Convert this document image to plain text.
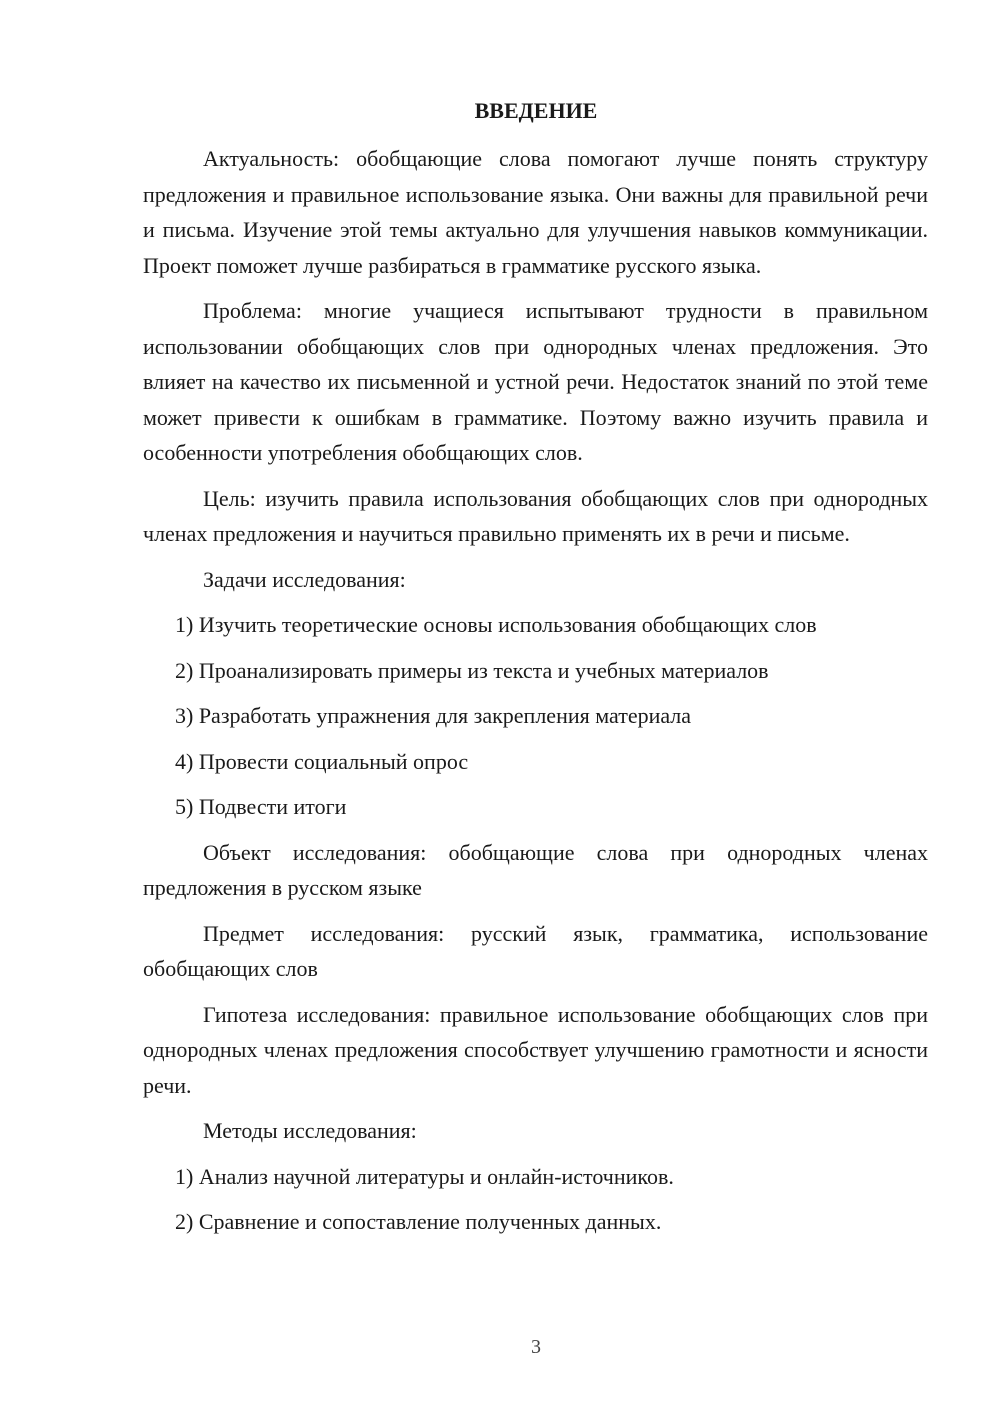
ВВЕДЕНИЕ

Актуальность: обобщающие слова помогают лучше понять структуру предложения и правильное использование языка. Они важны для правильной речи и письма. Изучение этой темы актуально для улучшения навыков коммуникации. Проект поможет лучше разбираться в грамматике русского языка.

Проблема: многие учащиеся испытывают трудности в правильном использовании обобщающих слов при однородных членах предложения. Это влияет на качество их письменной и устной речи. Недостаток знаний по этой теме может привести к ошибкам в грамматике. Поэтому важно изучить правила и особенности употребления обобщающих слов.

Цель: изучить правила использования обобщающих слов при однородных членах предложения и научиться правильно применять их в речи и письме.

Задачи исследования:

1) Изучить теоретические основы использования обобщающих слов

2) Проанализировать примеры из текста и учебных материалов

3) Разработать упражнения для закрепления материала

4) Провести социальный опрос

5) Подвести итоги

Объект исследования: обобщающие слова при однородных членах предложения в русском языке

Предмет исследования: русский язык, грамматика, использование обобщающих слов

Гипотеза исследования: правильное использование обобщающих слов при однородных членах предложения способствует улучшению грамотности и ясности речи.

Методы исследования:

1) Анализ научной литературы и онлайн-источников.

2) Сравнение и сопоставление полученных данных.

3
